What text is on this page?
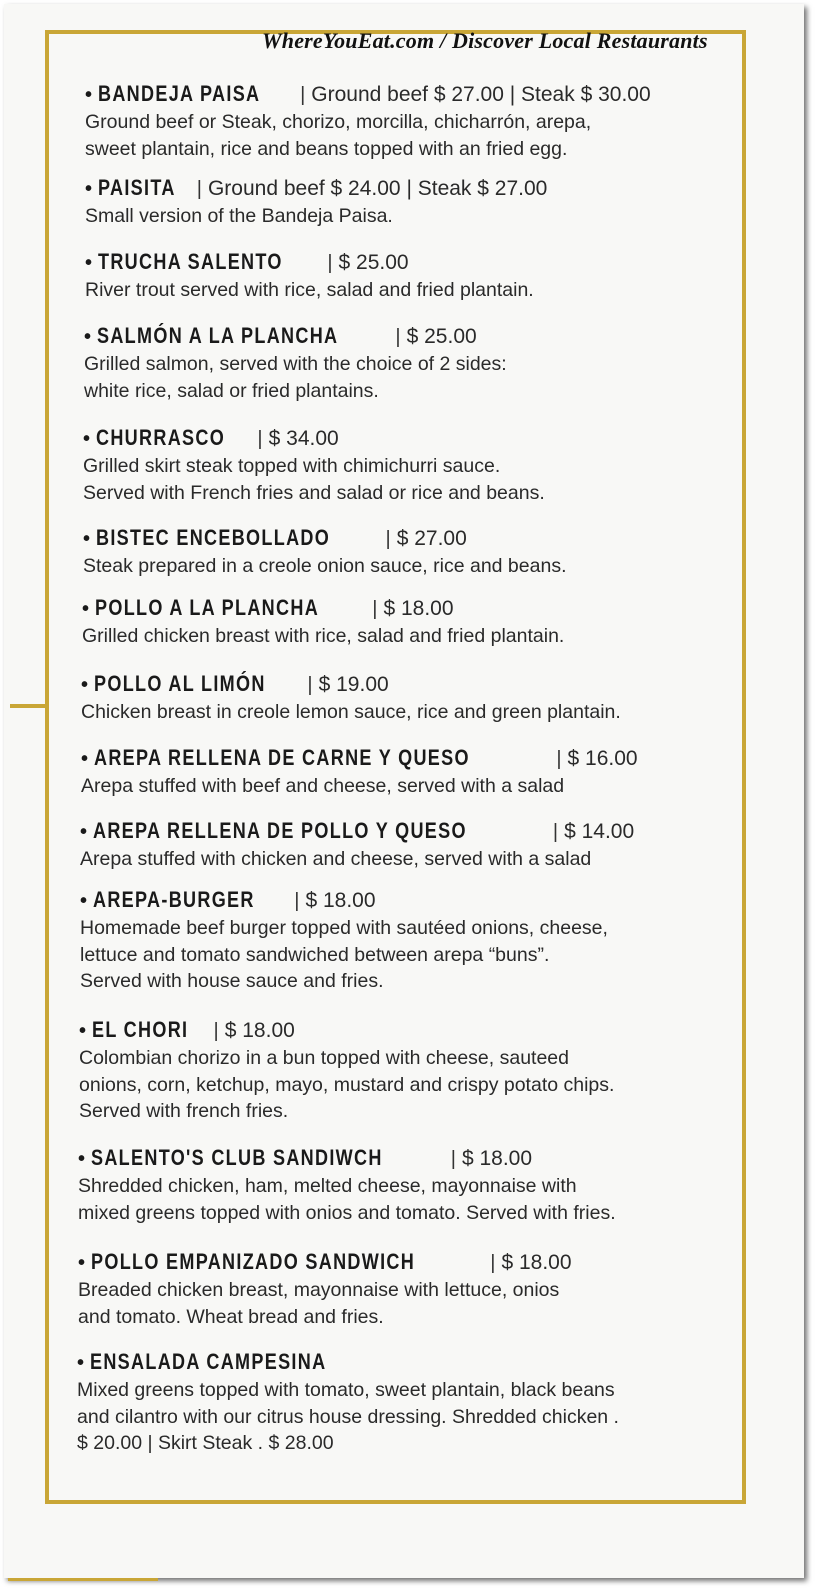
WhereYouEat.com / Discover Local Restaurants
• BANDEJA PAISA | Ground beef $ 27.00 | Steak $ 30.00
Ground beef or Steak, chorizo, morcilla, chicharrón, arepa,
sweet plantain, rice and beans topped with an fried egg.
• PAISITA | Ground beef $ 24.00 | Steak $ 27.00
Small version of the Bandeja Paisa.
• TRUCHA SALENTO | $ 25.00
River trout served with rice, salad and fried plantain.
• SALMÓN A LA PLANCHA	| $ 25.00
Grilled salmon, served with the choice of 2 sides:
white rice, salad or fried plantains.
• CHURRASCO | $ 34.00
Grilled skirt steak topped with chimichurri sauce.
Served with French fries and salad or rice and beans.
• BISTEC ENCEBOLLADO	| $ 27.00
Steak prepared in a creole onion sauce, rice and beans.
• POLLO A LA PLANCHA	| $ 18.00
Grilled chicken breast with rice, salad and fried plantain.
• POLLO AL LIMÓN | $ 19.00
Chicken breast in creole lemon sauce, rice and green plantain.
• AREPA RELLENA DE CARNE Y QUESO	| $ 16.00
Arepa stuffed with beef and cheese, served with a salad
• AREPA RELLENA DE POLLO Y QUESO	| $ 14.00
Arepa stuffed with chicken and cheese, served with a salad
• AREPA-BURGER | $ 18.00
Homemade beef burger topped with sautéed onions, cheese,
lettuce and tomato sandwiched between arepa “buns”.
Served with house sauce and fries.
• EL CHORI | $ 18.00
Colombian chorizo in a bun topped with cheese, sauteed
onions, corn, ketchup, mayo, mustard and crispy potato chips.
Served with french fries.
• SALENTO'S CLUB SANDIWCH	| $ 18.00
Shredded chicken, ham, melted cheese, mayonnaise with
mixed greens topped with onios and tomato. Served with fries.
• POLLO EMPANIZADO SANDWICH	| $ 18.00
Breaded chicken breast, mayonnaise with lettuce, onios
and tomato. Wheat bread and fries.
• ENSALADA CAMPESINA
Mixed greens topped with tomato, sweet plantain, black beans
and cilantro with our citrus house dressing. Shredded chicken .
$ 20.00 | Skirt Steak . $ 28.00
